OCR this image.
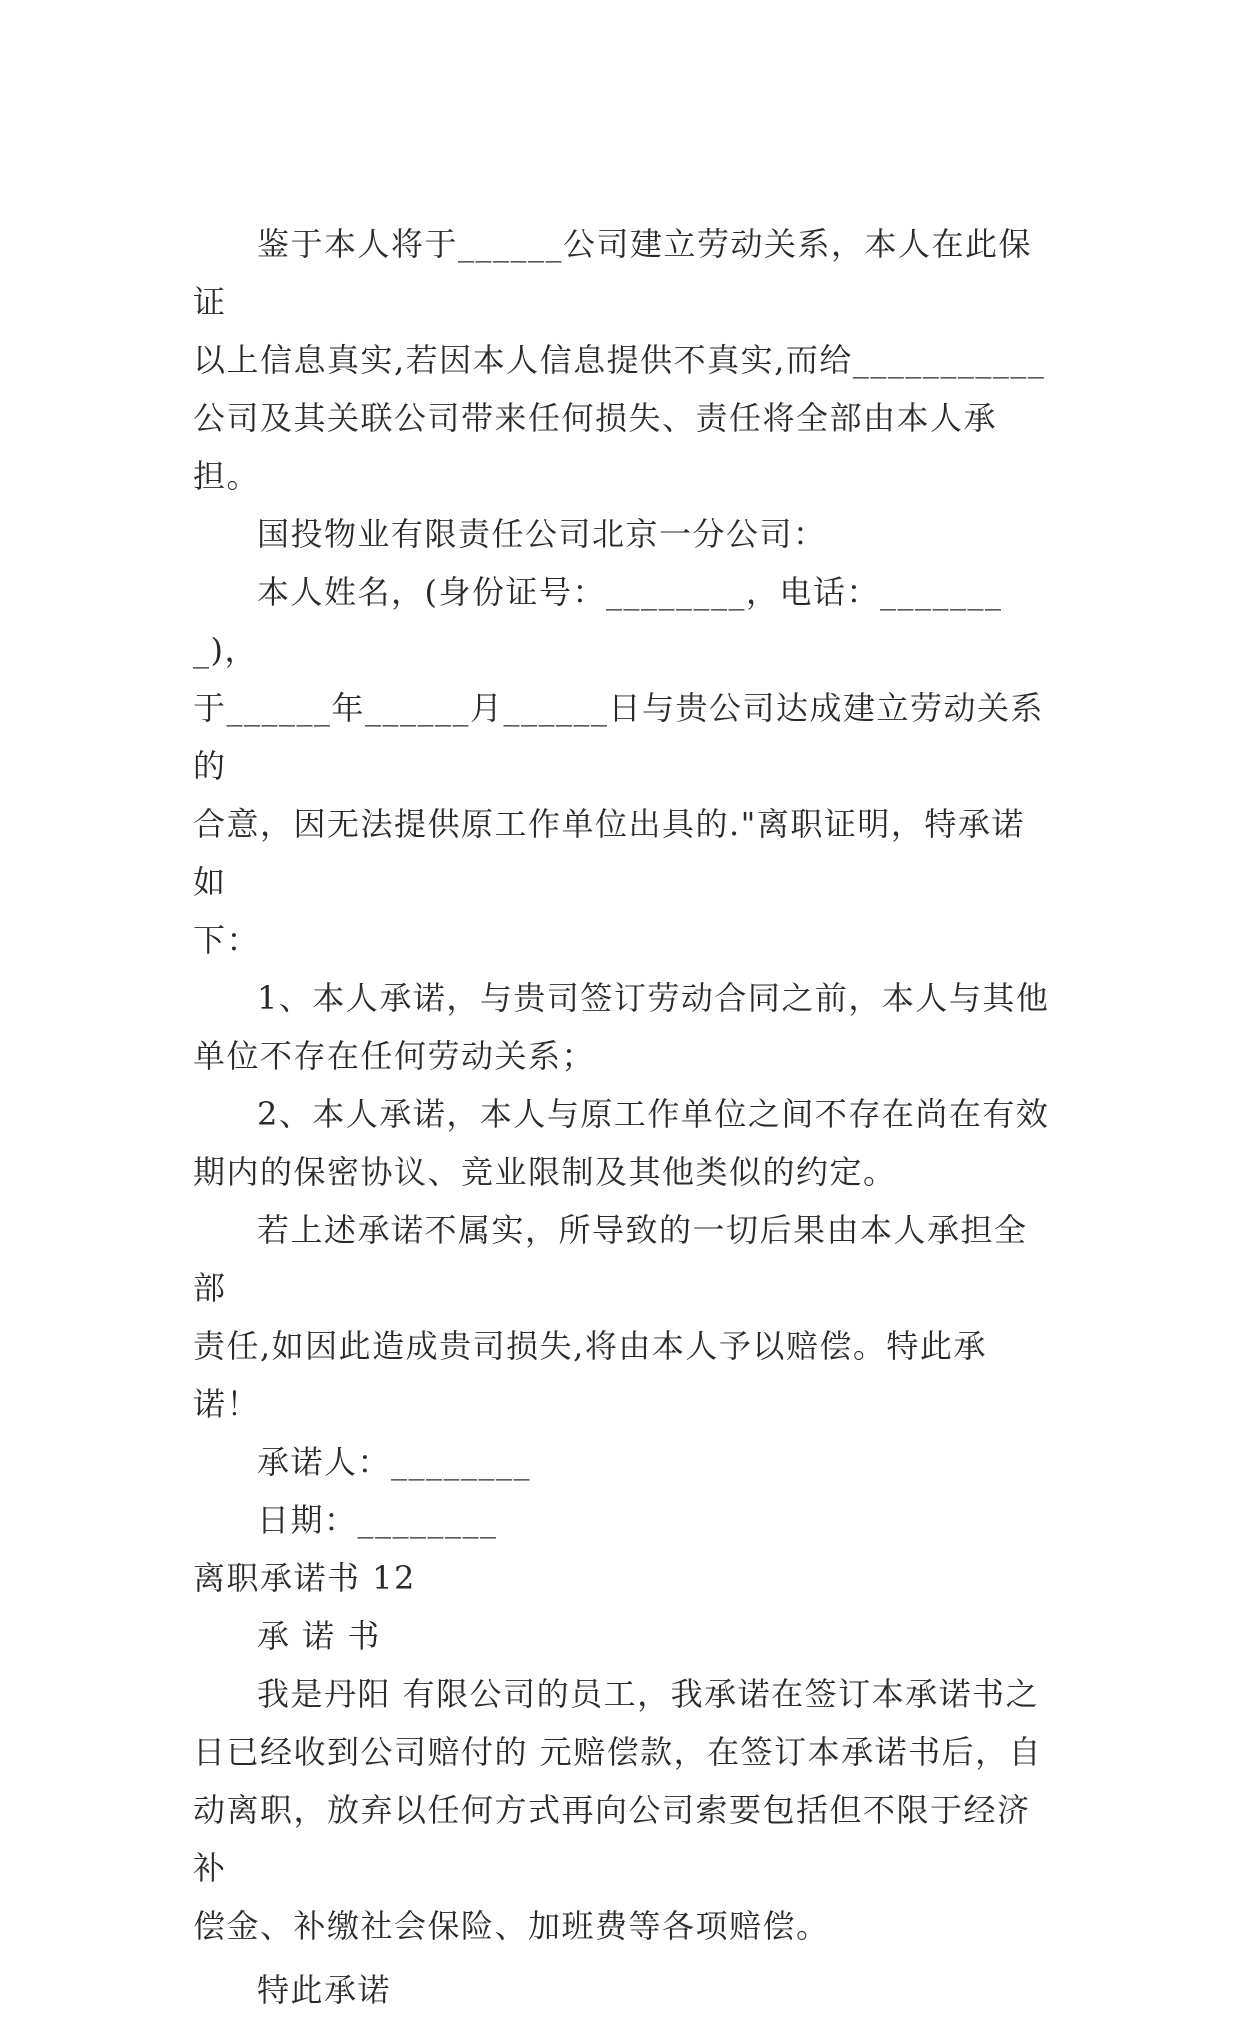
鉴于本人将于______公司建立劳动关系，本人在此保证
以上信息真实,若因本人信息提供不真实,而给___________
公司及其关联公司带来任何损失、责任将全部由本人承担。
国投物业有限责任公司北京一分公司：
本人姓名，(身份证号：________，电话：________)，
于______年______月______日与贵公司达成建立劳动关系的
合意，因无法提供原工作单位出具的."离职证明，特承诺如
下：
1、本人承诺，与贵司签订劳动合同之前，本人与其他
单位不存在任何劳动关系；
2、本人承诺，本人与原工作单位之间不存在尚在有效
期内的保密协议、竞业限制及其他类似的约定。
若上述承诺不属实，所导致的一切后果由本人承担全部
责任,如因此造成贵司损失,将由本人予以赔偿。特此承诺！
承诺人：________
日期：________
离职承诺书 12
承 诺 书
我是丹阳 有限公司的员工，我承诺在签订本承诺书之
日已经收到公司赔付的 元赔偿款，在签订本承诺书后，自
动离职，放弃以任何方式再向公司索要包括但不限于经济补
偿金、补缴社会保险、加班费等各项赔偿。
特此承诺
